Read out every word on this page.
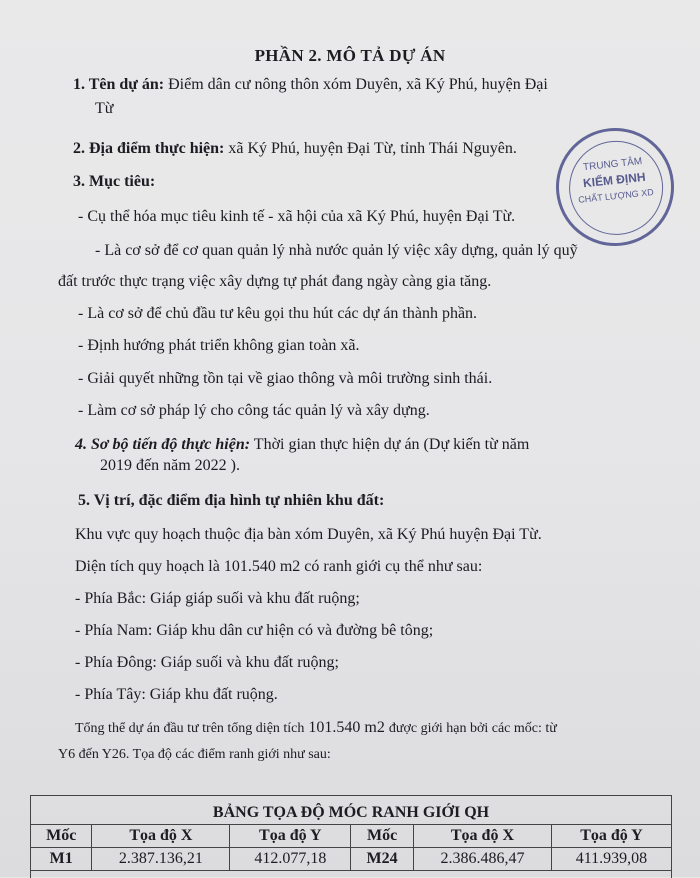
PHẦN 2. MÔ TẢ DỰ ÁN
1. Tên dự án: Điểm dân cư nông thôn xóm Duyên, xã Ký Phú, huyện Đại
Từ
2. Địa điểm thực hiện: xã Ký Phú, huyện Đại Từ, tỉnh Thái Nguyên.
3. Mục tiêu:
- Cụ thể hóa mục tiêu kinh tế - xã hội của xã Ký Phú, huyện Đại Từ.
- Là cơ sở để cơ quan quản lý nhà nước quản lý việc xây dựng, quản lý quỹ
đất trước thực trạng việc xây dựng tự phát đang ngày càng gia tăng.
- Là cơ sở để chủ đầu tư kêu gọi thu hút các dự án thành phần.
- Định hướng phát triển không gian toàn xã.
- Giải quyết những tồn tại về giao thông và môi trường sinh thái.
- Làm cơ sở pháp lý cho công tác quản lý và xây dựng.
4. Sơ bộ tiến độ thực hiện: Thời gian thực hiện dự án (Dự kiến từ năm
2019 đến năm 2022 ).
5. Vị trí, đặc điểm địa hình tự nhiên khu đất:
Khu vực quy hoạch thuộc địa bàn xóm Duyên, xã Ký Phú huyện Đại Từ.
Diện tích quy hoạch là 101.540 m2 có ranh giới cụ thể như sau:
- Phía Bắc: Giáp giáp suối và khu đất ruộng;
- Phía Nam: Giáp khu dân cư hiện có và đường bê tông;
- Phía Đông: Giáp suối và khu đất ruộng;
- Phía Tây: Giáp khu đất ruộng.
Tổng thể dự án đầu tư trên tổng diện tích 101.540 m2 được giới hạn bởi các mốc: từ
Y6 đến Y26. Tọa độ các điểm ranh giới như sau:
TRUNG TÂM
KIỂM ĐỊNH
CHẤT LƯỢNG XD
BẢNG TỌA ĐỘ MÓC RANH GIỚI QH
Mốc	Tọa độ X	Tọa độ Y	Mốc	Tọa độ X	Tọa độ Y
M1	2.387.136,21	412.077,18	M24	2.386.486,47	411.939,08
